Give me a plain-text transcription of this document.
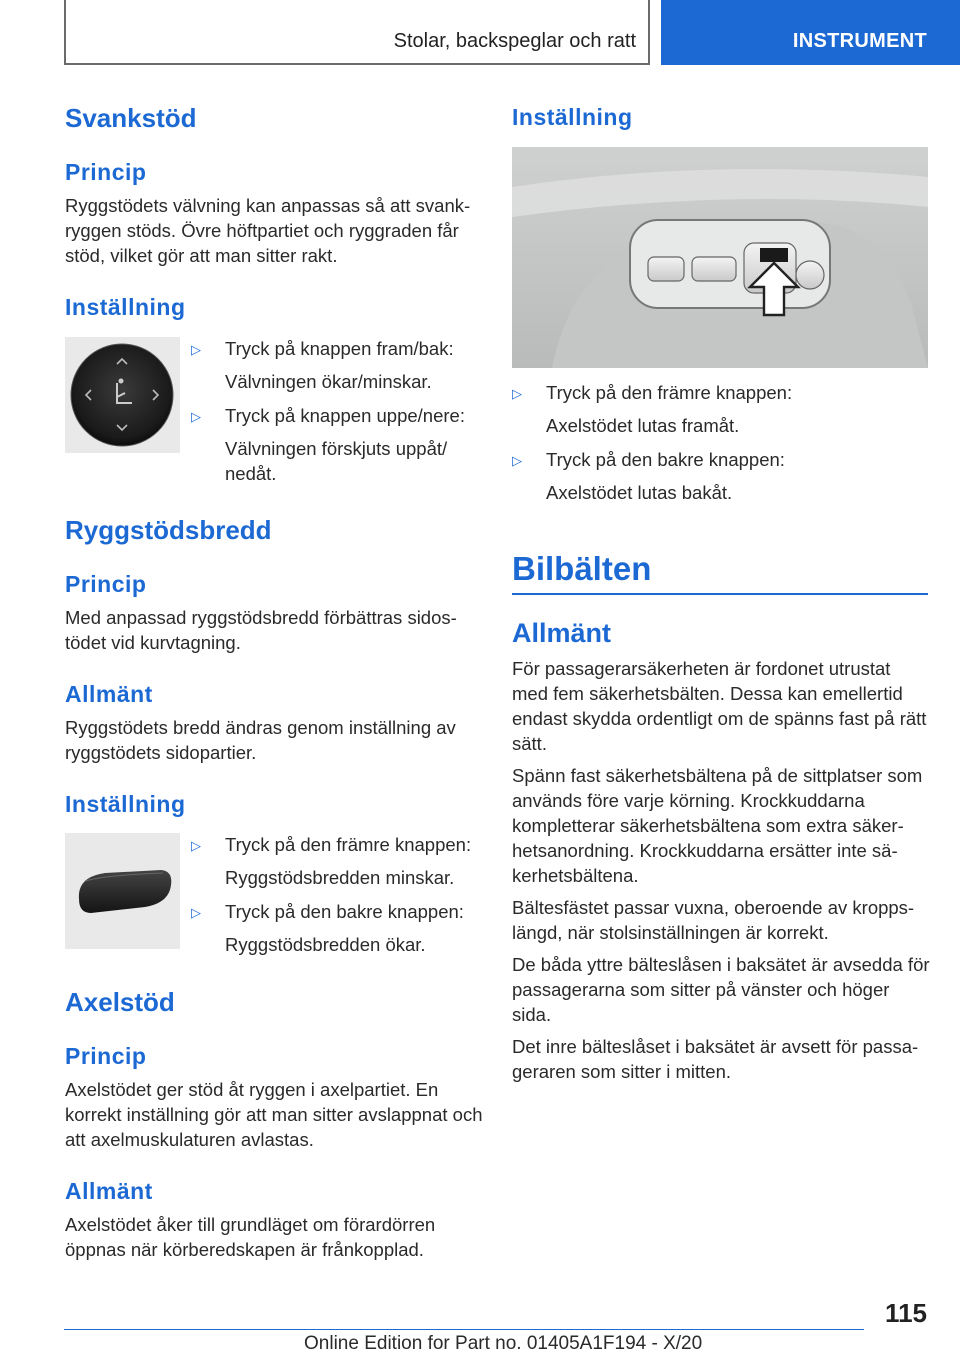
Stolar, backspeglar och ratt	INSTRUMENT
Svankstöd
Princip
Ryggstödets välvning kan anpassas så att svank-ryggen stöds. Övre höftpartiet och ryggraden får stöd, vilket gör att man sitter rakt.
Inställning
▷ Tryck på knappen fram/bak:
Välvningen ökar/minskar.
▷ Tryck på knappen uppe/nere:
Välvningen förskjuts uppåt/ nedåt.
Ryggstödsbredd
Princip
Med anpassad ryggstödsbredd förbättras sidos-tödet vid kurvtagning.
Allmänt
Ryggstödets bredd ändras genom inställning av ryggstödets sidopartier.
Inställning
▷ Tryck på den främre knappen:
Ryggstödsbredden minskar.
▷ Tryck på den bakre knappen:
Ryggstödsbredden ökar.
Axelstöd
Princip
Axelstödet ger stöd åt ryggen i axelpartiet. En korrekt inställning gör att man sitter avslappnat och att axelmuskulaturen avlastas.
Allmänt
Axelstödet åker till grundläget om förardörren öppnas när körberedskapen är frånkopplad.
Inställning
▷ Tryck på den främre knappen:
Axelstödet lutas framåt.
▷ Tryck på den bakre knappen:
Axelstödet lutas bakåt.
Bilbälten
Allmänt

För passagerarsäkerheten är fordonet utrustat med fem säkerhetsbälten. Dessa kan emellertid endast skydda ordentligt om de spänns fast på rätt sätt.

Spänn fast säkerhetsbältena på de sittplatser som används före varje körning. Krockkuddarna kompletterar säkerhetsbältena som extra säker-hetsanordning. Krockkuddarna ersätter inte sä-kerhetsbältena.

Bältesfästet passar vuxna, oberoende av kropps-längd, när stolsinställningen är korrekt.

De båda yttre bälteslåsen i baksätet är avsedda för passagerarna som sitter på vänster och höger sida.

Det inre bälteslåset i baksätet är avsett för passa-geraren som sitter i mitten.

115
Online Edition for Part no. 01405A1F194 - X/20
